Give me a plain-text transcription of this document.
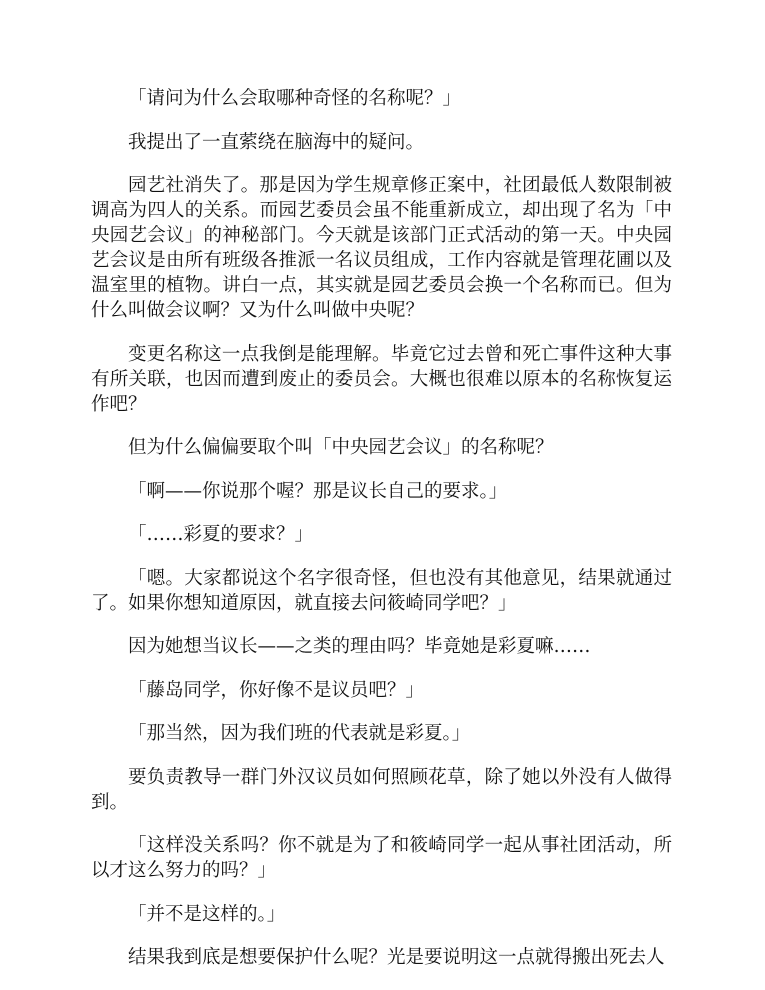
「请问为什么会取哪种奇怪的名称呢？」

我提出了一直萦绕在脑海中的疑问。

园艺社消失了。那是因为学生规章修正案中，社团最低人数限制被调高为四人的关系。而园艺委员会虽不能重新成立，却出现了名为「中央园艺会议」的神秘部门。今天就是该部门正式活动的第一天。中央园艺会议是由所有班级各推派一名议员组成，工作内容就是管理花圃以及温室里的植物。讲白一点，其实就是园艺委员会换一个名称而已。但为什么叫做会议啊？又为什么叫做中央呢？

变更名称这一点我倒是能理解。毕竟它过去曾和死亡事件这种大事有所关联，也因而遭到废止的委员会。大概也很难以原本的名称恢复运作吧？

但为什么偏偏要取个叫「中央园艺会议」的名称呢？

「啊——你说那个喔？那是议长自己的要求。」

「……彩夏的要求？」

「嗯。大家都说这个名字很奇怪，但也没有其他意见，结果就通过了。如果你想知道原因，就直接去问筱崎同学吧？」

因为她想当议长——之类的理由吗？毕竟她是彩夏嘛……

「藤岛同学，你好像不是议员吧？」

「那当然，因为我们班的代表就是彩夏。」

要负责教导一群门外汉议员如何照顾花草，除了她以外没有人做得到。

「这样没关系吗？你不就是为了和筱崎同学一起从事社团活动，所以才这么努力的吗？」

「并不是这样的。」

结果我到底是想要保护什么呢？光是要说明这一点就得搬出死去人
